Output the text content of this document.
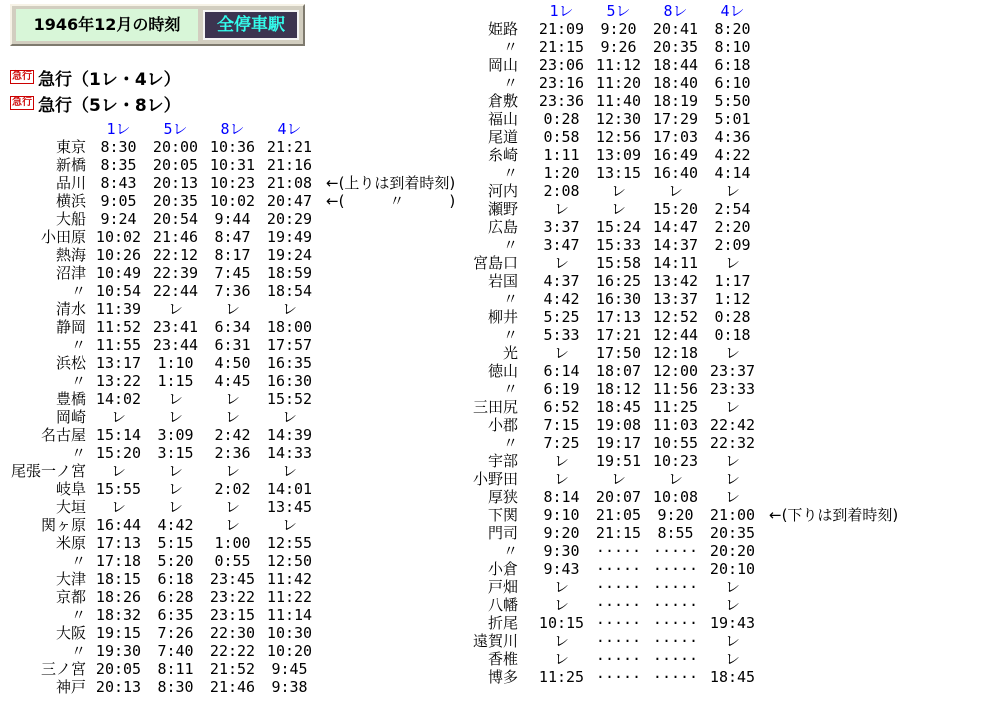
1946年12月の時刻	全停車駅
急行 急行（1レ・4レ）
急行 急行（5レ・8レ）
1レ	5レ	8レ	4レ
東京 8:30	20:00 10:36 21:21
新橋 8:35	20:05 10:31 21:16
品川 8:43	20:13 10:23 21:08 ←(上りは到着時刻)
横浜 9:05	20:35 10:02 20:47 ←(　　　〃　　　)
大船 9:24	20:54	9:44	20:29
小田原 10:02 21:46	8:47	19:49
熱海 10:26 22:12	8:17	19:24
沼津 10:49 22:39	7:45	18:59
〃 10:54 22:44	7:36	18:54
清水 11:39	レ	レ	レ
静岡 11:52 23:41	6:34	18:00
〃 11:55 23:44	6:31	17:57
浜松 13:17	1:10	4:50	16:35
〃 13:22	1:15	4:45	16:30
豊橋 14:02	レ	レ	15:52
岡崎	レ	レ	レ	レ
名古屋 15:14	3:09	2:42	14:39
〃 15:20	3:15	2:36	14:33
尾張一ノ宮	レ	レ	レ	レ
岐阜 15:55	レ	2:02	14:01
大垣	レ	レ	レ	13:45
関ヶ原 16:44	4:42	レ	レ
米原 17:13	5:15	1:00	12:55
〃 17:18	5:20	0:55	12:50
大津 18:15	6:18	23:45 11:42
京都 18:26	6:28	23:22 11:22
〃 18:32	6:35	23:15 11:14
大阪 19:15	7:26	22:30 10:30
〃 19:30	7:40	22:22 10:20
三ノ宮 20:05	8:11	21:52	9:45
神戸 20:13	8:30	21:46	9:38
1レ	5レ	8レ	4レ
姫路	21:09	9:20	20:41	8:20
〃	21:15	9:26	20:35	8:10
岡山	23:06 11:12 18:44	6:18
〃	23:16 11:20 18:40	6:10
倉敷	23:36 11:40 18:19	5:50
福山	0:28	12:30 17:29	5:01
尾道	0:58	12:56 17:03	4:36
糸崎	1:11	13:09 16:49	4:22
〃	1:20	13:15 16:40	4:14
河内	2:08	レ	レ	レ
瀬野	レ	レ	15:20	2:54
広島	3:37	15:24 14:47	2:20
〃	3:47	15:33 14:37	2:09
宮島口	レ	15:58 14:11	レ
岩国	4:37	16:25 13:42	1:17
〃	4:42	16:30 13:37	1:12
柳井	5:25	17:13 12:52	0:28
〃	5:33	17:21 12:44	0:18
光	レ	17:50 12:18	レ
徳山	6:14	18:07 12:00 23:37
〃	6:19	18:12 11:56 23:33
三田尻	6:52	18:45 11:25	レ
小郡	7:15	19:08 11:03 22:42
〃	7:25	19:17 10:55 22:32
宇部	レ	19:51 10:23	レ
小野田	レ	レ	レ	レ
厚狭	8:14	20:07 10:08	レ
下関	9:10	21:05	9:20	21:00 ←(下りは到着時刻)
門司	9:20	21:15	8:55	20:35
〃	9:30	····· ····· 20:20
小倉	9:43	····· ····· 20:10
戸畑	レ	····· ·····	レ
八幡	レ	····· ·····	レ
折尾	10:15 ····· ····· 19:43
遠賀川	レ	····· ·····	レ
香椎	レ	····· ·····	レ
博多	11:25 ····· ····· 18:45
